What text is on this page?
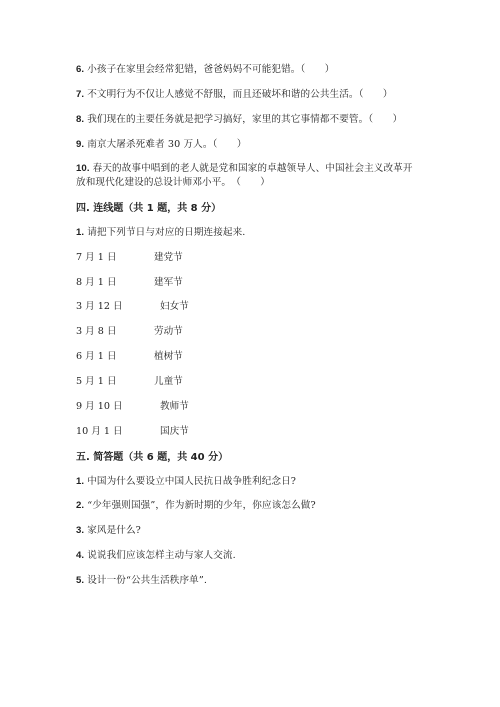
6. 小孩子在家里会经常犯错，爸爸妈妈不可能犯错。（　　）
7. 不文明行为不仅让人感觉不舒服，而且还破坏和谐的公共生活。（　　）
8. 我们现在的主要任务就是把学习搞好，家里的其它事情都不要管。（　　）
9. 南京大屠杀死难者 30 万人。（　　）
10. 春天的故事中唱到的老人就是党和国家的卓越领导人、中国社会主义改革开
放和现代化建设的总设计师邓小平。　（　　）
四. 连线题（共 1 题，共 8 分）
1. 请把下列节日与对应的日期连接起来.
7 月 1 日	建党节
8 月 1 日	建军节
3 月 12 日	妇女节
3 月 8 日	劳动节
6 月 1 日	植树节
5 月 1 日	儿童节
9 月 10 日	教师节
10 月 1 日	国庆节
五. 简答题（共 6 题，共 40 分）
1. 中国为什么要设立中国人民抗日战争胜利纪念日?
2. “少年强则国强”，作为新时期的少年，你应该怎么做?
3. 家风是什么?
4. 说说我们应该怎样主动与家人交流.
5. 设计一份“公共生活秩序单”.
